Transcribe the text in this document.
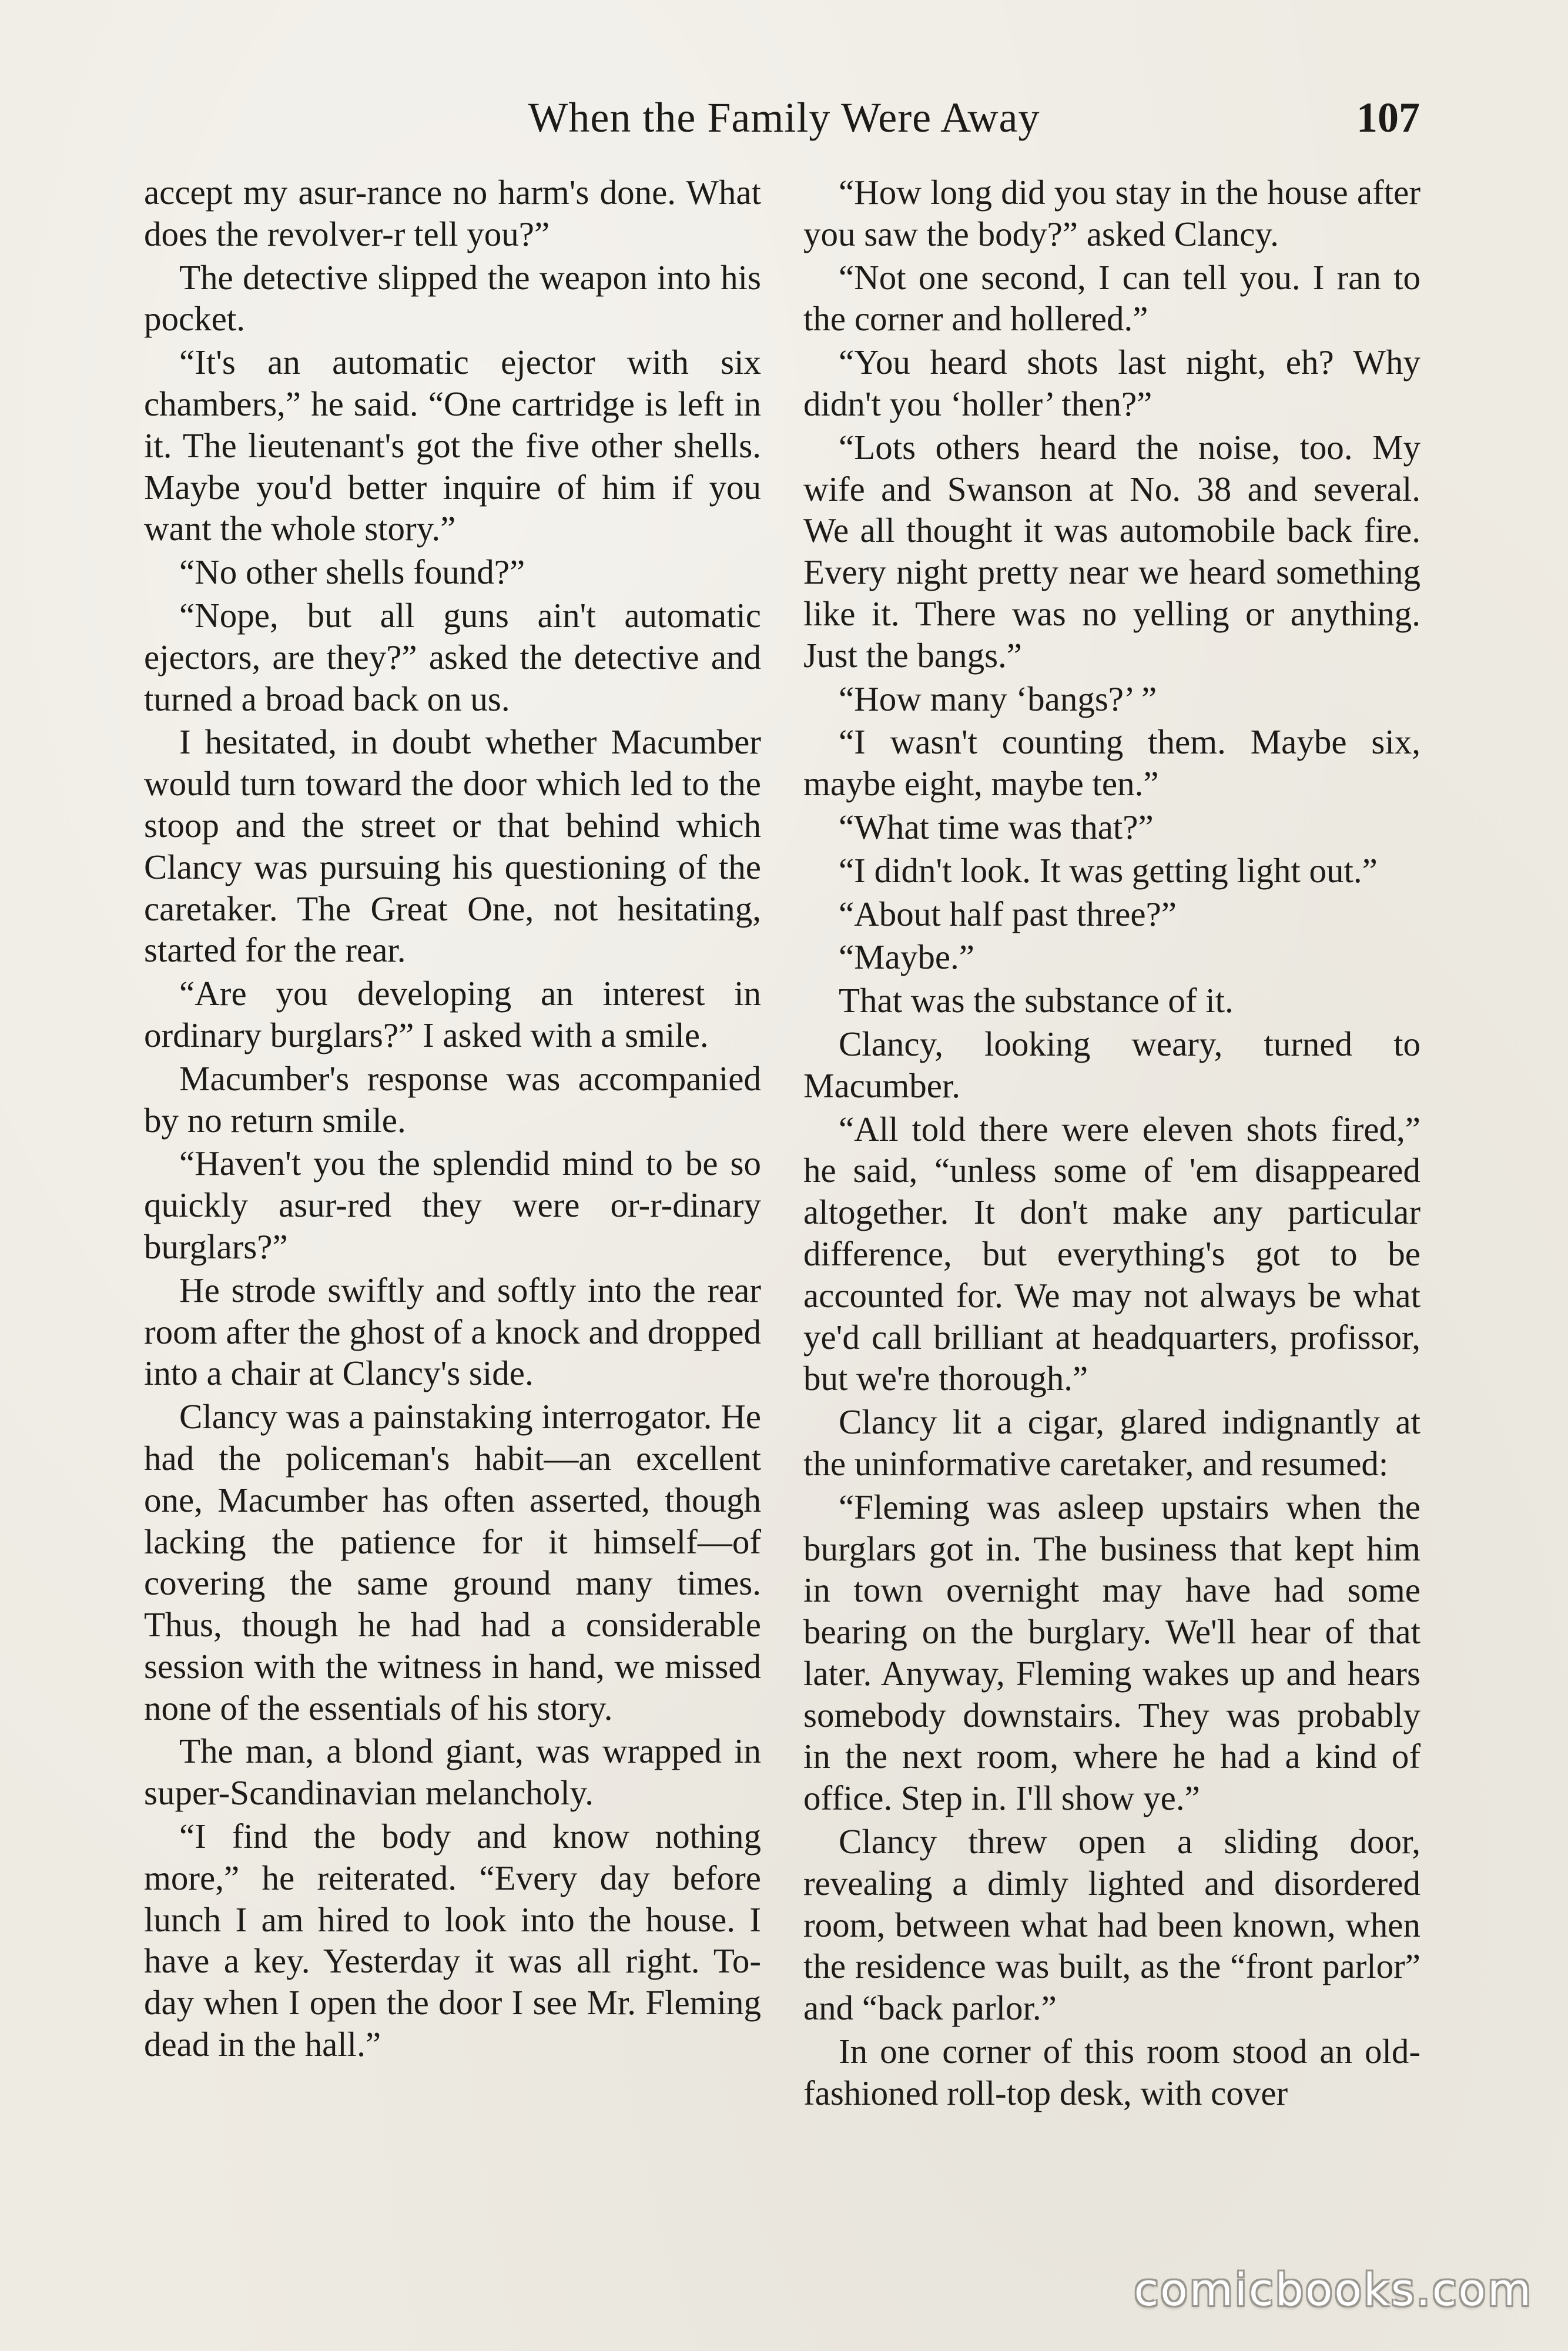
When the Family Were Away	107

accept my asur-rance no harm's done. What does the revolver-r tell you?”

The detective slipped the weapon into his pocket.

“It's an automatic ejector with six chambers,” he said. “One cartridge is left in it. The lieutenant's got the five other shells. Maybe you'd better inquire of him if you want the whole story.”

“No other shells found?”

“Nope, but all guns ain't automatic ejectors, are they?” asked the detective and turned a broad back on us.

I hesitated, in doubt whether Macumber would turn toward the door which led to the stoop and the street or that behind which Clancy was pursuing his questioning of the caretaker. The Great One, not hesitating, started for the rear.

“Are you developing an interest in ordinary burglars?” I asked with a smile.

Macumber's response was accompanied by no return smile.

“Haven't you the splendid mind to be so quickly asur-red they were or-r-dinary burglars?”

He strode swiftly and softly into the rear room after the ghost of a knock and dropped into a chair at Clancy's side.

Clancy was a painstaking interrogator. He had the policeman's habit—an excellent one, Macumber has often asserted, though lacking the patience for it himself—of covering the same ground many times. Thus, though he had had a considerable session with the witness in hand, we missed none of the essentials of his story.

The man, a blond giant, was wrapped in super-Scandinavian melancholy.

“I find the body and know nothing more,” he reiterated. “Every day before lunch I am hired to look into the house. I have a key. Yesterday it was all right. To-day when I open the door I see Mr. Fleming dead in the hall.”

“How long did you stay in the house after you saw the body?” asked Clancy.

“Not one second, I can tell you. I ran to the corner and hollered.”

“You heard shots last night, eh? Why didn't you ‘holler’ then?”

“Lots others heard the noise, too. My wife and Swanson at No. 38 and several. We all thought it was automobile back fire. Every night pretty near we heard something like it. There was no yelling or anything. Just the bangs.”

“How many ‘bangs?’ ”

“I wasn't counting them. Maybe six, maybe eight, maybe ten.”

“What time was that?”

“I didn't look. It was getting light out.”

“About half past three?”

“Maybe.”

That was the substance of it.

Clancy, looking weary, turned to Macumber.

“All told there were eleven shots fired,” he said, “unless some of 'em disappeared altogether. It don't make any particular difference, but everything's got to be accounted for. We may not always be what ye'd call brilliant at headquarters, profissor, but we're thorough.”

Clancy lit a cigar, glared indignantly at the uninformative caretaker, and resumed:

“Fleming was asleep upstairs when the burglars got in. The business that kept him in town overnight may have had some bearing on the burglary. We'll hear of that later. Anyway, Fleming wakes up and hears somebody downstairs. They was probably in the next room, where he had a kind of office. Step in. I'll show ye.”

Clancy threw open a sliding door, revealing a dimly lighted and disordered room, between what had been known, when the residence was built, as the “front parlor” and “back parlor.”

In one corner of this room stood an old-fashioned roll-top desk, with cover

comicbooks.com
